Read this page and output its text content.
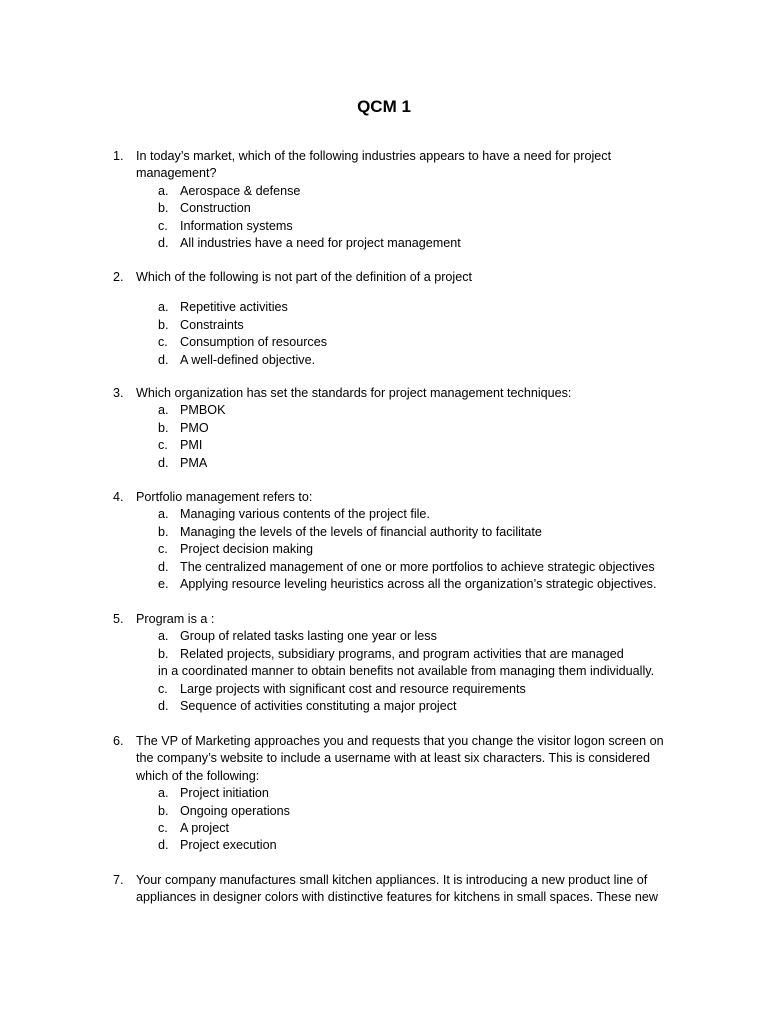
QCM 1
1. In today’s market, which of the following industries appears to have a need for project
management?
a. Aerospace & defense
b. Construction
c. Information systems
d. All industries have a need for project management
2. Which of the following is not part of the definition of a project
a. Repetitive activities
b. Constraints
c. Consumption of resources
d. A well-defined objective.
3. Which organization has set the standards for project management techniques:
a. PMBOK
b. PMO
c. PMI
d. PMA
4. Portfolio management refers to:
a. Managing various contents of the project file.
b. Managing the levels of the levels of financial authority to facilitate
c. Project decision making
d. The centralized management of one or more portfolios to achieve strategic objectives
e. Applying resource leveling heuristics across all the organization’s strategic objectives.
5. Program is a :
a. Group of related tasks lasting one year or less
b. Related projects, subsidiary programs, and program activities that are managed
in a coordinated manner to obtain benefits not available from managing them individually.
c. Large projects with significant cost and resource requirements
d. Sequence of activities constituting a major project
6. The VP of Marketing approaches you and requests that you change the visitor logon screen on
the company’s website to include a username with at least six characters. This is considered
which of the following:
a. Project initiation
b. Ongoing operations
c. A project
d. Project execution
7. Your company manufactures small kitchen appliances. It is introducing a new product line of
appliances in designer colors with distinctive features for kitchens in small spaces. These new
